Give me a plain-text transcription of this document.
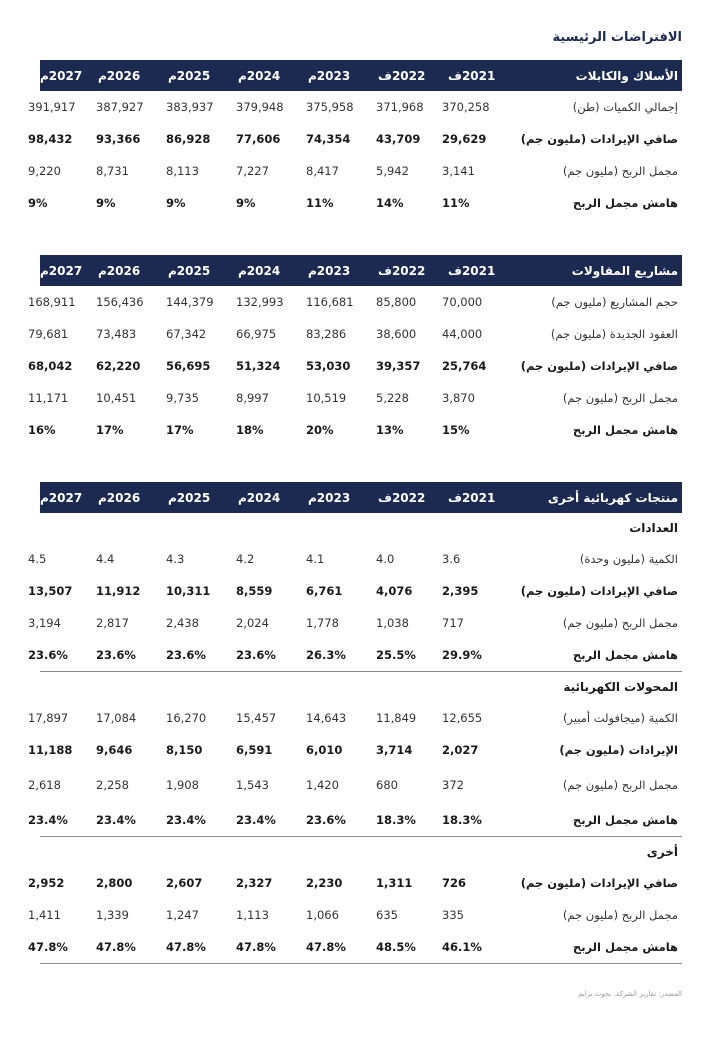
الافتراضات الرئيسية
الأسلاك والكابلات
2021ف
2022ف
2023م
2024م
2025م
2026م
2027م
إجمالي الكميات (طن)
370,258
371,968
375,958
379,948
383,937
387,927
391,917
صافي الإيرادات (مليون جم)
29,629
43,709
74,354
77,606
86,928
93,366
98,432
مجمل الربح (مليون جم)
3,141
5,942
8,417
7,227
8,113
8,731
9,220
هامش مجمل الربح
11%
14%
11%
9%
9%
9%
9%
مشاريع المقاولات
2021ف
2022ف
2023م
2024م
2025م
2026م
2027م
حجم المشاريع (مليون جم)
70,000
85,800
116,681
132,993
144,379
156,436
168,911
العقود الجديدة (مليون جم)
44,000
38,600
83,286
66,975
67,342
73,483
79,681
صافي الإيرادات (مليون جم)
25,764
39,357
53,030
51,324
56,695
62,220
68,042
مجمل الربح (مليون جم)
3,870
5,228
10,519
8,997
9,735
10,451
11,171
هامش مجمل الربح
15%
13%
20%
18%
17%
17%
16%
منتجات كهربائية أخرى
2021ف
2022ف
2023م
2024م
2025م
2026م
2027م
العدادات
الكمية (مليون وحدة)
3.6
4.0
4.1
4.2
4.3
4.4
4.5
صافي الإيرادات (مليون جم)
2,395
4,076
6,761
8,559
10,311
11,912
13,507
مجمل الربح (مليون جم)
717
1,038
1,778
2,024
2,438
2,817
3,194
هامش مجمل الربح
29.9%
25.5%
26.3%
23.6%
23.6%
23.6%
23.6%
المحولات الكهربائية
الكمية (ميجافولت أمبير)
12,655
11,849
14,643
15,457
16,270
17,084
17,897
الإيرادات (مليون جم)
2,027
3,714
6,010
6,591
8,150
9,646
11,188
مجمل الربح (مليون جم)
372
680
1,420
1,543
1,908
2,258
2,618
هامش مجمل الربح
18.3%
18.3%
23.6%
23.4%
23.4%
23.4%
23.4%
أخرى
صافي الإيرادات (مليون جم)
726
1,311
2,230
2,327
2,607
2,800
2,952
مجمل الربح (مليون جم)
335
635
1,066
1,113
1,247
1,339
1,411
هامش مجمل الربح
46.1%
48.5%
47.8%
47.8%
47.8%
47.8%
47.8%
المصدر: تقارير الشركة، بحوث برايم
